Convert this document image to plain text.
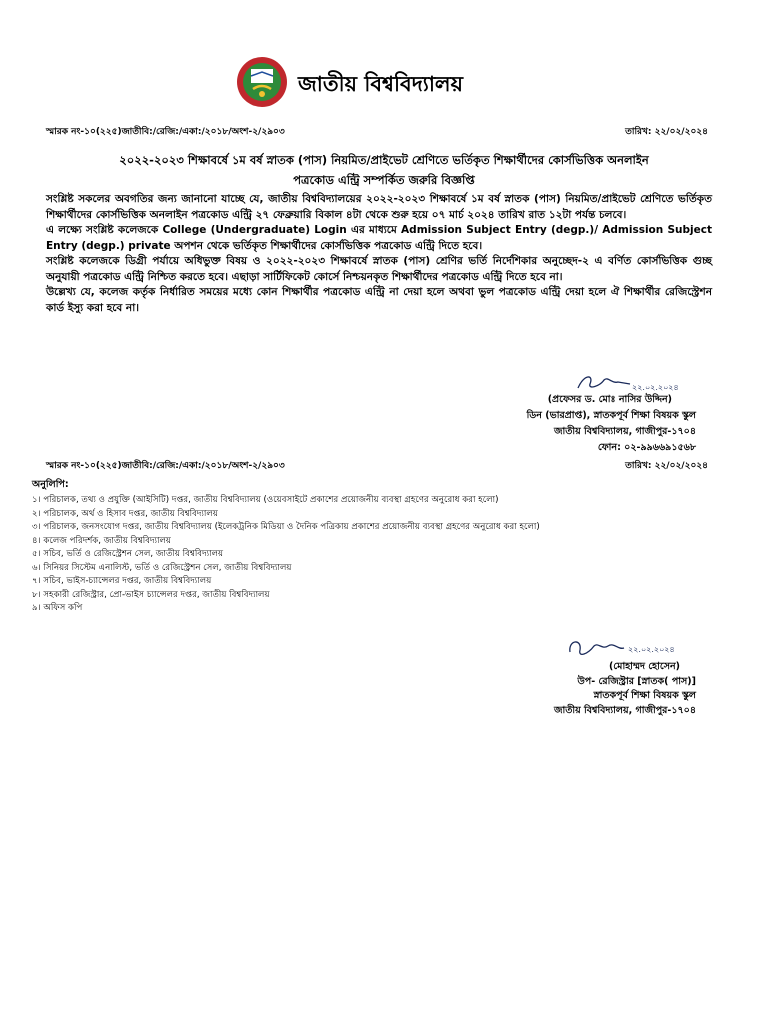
জাতীয় বিশ্ববিদ্যালয়
স্মারক নং-১০(২২৫)জাতীবি:/রেজি:/একা:/২০১৮/অংশ-২/২৯০৩	তারিখ: ২২/০২/২০২৪
২০২২-২০২৩ শিক্ষাবর্ষে ১ম বর্ষ স্নাতক (পাস) নিয়মিত/প্রাইভেট শ্রেণিতে ভর্তিকৃত শিক্ষার্থীদের কোর্সভিত্তিক অনলাইন
পত্রকোড এন্ট্রি সম্পর্কিত জরুরি বিজ্ঞপ্তি

সংশ্লিষ্ট সকলের অবগতির জন্য জানানো যাচ্ছে যে, জাতীয় বিশ্ববিদ্যালয়ের ২০২২-২০২৩ শিক্ষাবর্ষে ১ম বর্ষ স্নাতক (পাস) নিয়মিত/প্রাইভেট শ্রেণিতে ভর্তিকৃত শিক্ষার্থীদের কোর্সভিত্তিক অনলাইন পত্রকোড এন্ট্রি ২৭ ফেব্রুয়ারি বিকাল ৪টা থেকে শুরু হয়ে ০৭ মার্চ ২০২৪ তারিখ রাত ১২টা পর্যন্ত চলবে।

এ লক্ষ্যে সংশ্লিষ্ট কলেজকে College (Undergraduate) Login এর মাধ্যমে Admission Subject Entry (degp.)/ Admission Subject Entry (degp.) private অপশন থেকে ভর্তিকৃত শিক্ষার্থীদের কোর্সভিত্তিক পত্রকোড এন্ট্রি দিতে হবে।

সংশ্লিষ্ট কলেজকে ডিগ্রী পর্যায়ে অধিভুক্ত বিষয় ও ২০২২-২০২৩ শিক্ষাবর্ষে স্নাতক (পাস) শ্রেণির ভর্তি নির্দেশিকার অনুচ্ছেদ-২ এ বর্ণিত কোর্সভিত্তিক গুচ্ছ অনুযায়ী পত্রকোড এন্ট্রি নিশ্চিত করতে হবে। এছাড়া সার্টিফিকেট কোর্সে নিশ্চয়নকৃত শিক্ষার্থীদের পত্রকোড এন্ট্রি দিতে হবে না।

উল্লেখ্য যে, কলেজ কর্তৃক নির্ধারিত সময়ের মধ্যে কোন শিক্ষার্থীর পত্রকোড এন্ট্রি না দেয়া হলে অথবা ভুল পত্রকোড এন্ট্রি দেয়া হলে ঐ শিক্ষার্থীর রেজিস্ট্রেশন কার্ড ইস্যু করা হবে না।

২২.০২.২০২৪
(প্রফেসর ড. মোঃ নাসির উদ্দিন)
ডিন (ভারপ্রাপ্ত), স্নাতকপূর্ব শিক্ষা বিষয়ক স্কুল
জাতীয় বিশ্ববিদ্যালয়, গাজীপুর-১৭০৪
ফোন: ০২-৯৯৬৬৯১৫৬৮
স্মারক নং-১০(২২৫)জাতীবি:/রেজি:/একা:/২০১৮/অংশ-২/২৯০৩	তারিখ: ২২/০২/২০২৪
অনুলিপি:
১। পরিচালক, তথ্য ও প্রযুক্তি (আইসিটি) দপ্তর, জাতীয় বিশ্ববিদ্যালয় (ওয়েবসাইটে প্রকাশের প্রয়োজনীয় ব্যবস্থা গ্রহণের অনুরোধ করা হলো)
২। পরিচালক, অর্থ ও হিসাব দপ্তর, জাতীয় বিশ্ববিদ্যালয়
৩। পরিচালক, জনসংযোগ দপ্তর, জাতীয় বিশ্ববিদ্যালয় (ইলেকট্রনিক মিডিয়া ও দৈনিক পত্রিকায় প্রকাশের প্রয়োজনীয় ব্যবস্থা গ্রহণের অনুরোধ করা হলো)
৪। কলেজ পরিদর্শক, জাতীয় বিশ্ববিদ্যালয়
৫। সচিব, ভর্তি ও রেজিস্ট্রেশন সেল, জাতীয় বিশ্ববিদ্যালয়
৬। সিনিয়র সিস্টেম এনালিস্ট, ভর্তি ও রেজিস্ট্রেশন সেল, জাতীয় বিশ্ববিদ্যালয়
৭। সচিব, ভাইস-চ্যান্সেলর দপ্তর, জাতীয় বিশ্ববিদ্যালয়
৮। সহকারী রেজিস্ট্রার, প্রো-ভাইস চ্যান্সেলর দপ্তর, জাতীয় বিশ্ববিদ্যালয়
৯। অফিস কপি
২২.০২.২০২৪
(মোহাম্মদ হোসেন)
উপ- রেজিস্ট্রার [স্নাতক( পাস)]
স্নাতকপূর্ব শিক্ষা বিষয়ক স্কুল
জাতীয় বিশ্ববিদ্যালয়, গাজীপুর-১৭০৪
